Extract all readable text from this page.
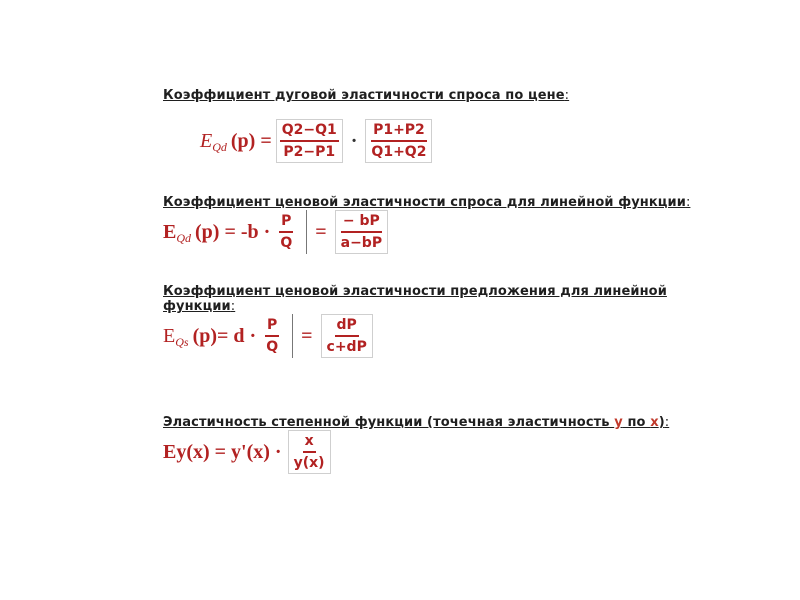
Коэффициент дуговой эластичности спроса по цене:
E Qd $(p) = \frac{Q2-Q1}{P2-P1} \cdot \frac{P1+P2}{Q1+Q2}$
Коэффициент ценовой эластичности спроса для линейной функции:
E Qd $(p) = -b \cdot \frac{P}{Q} = \frac{- bP}{a-bP}$
Коэффициент ценовой эластичности предложения для линейной
функции:
E Qs $(p)= d \cdot \frac{P}{Q} = \frac{dP}{c+dP}$
Эластичность степенной функции (точечная эластичность y по x):
$Ey(x) = y'(x) \cdot \frac{x}{y(x)}$
